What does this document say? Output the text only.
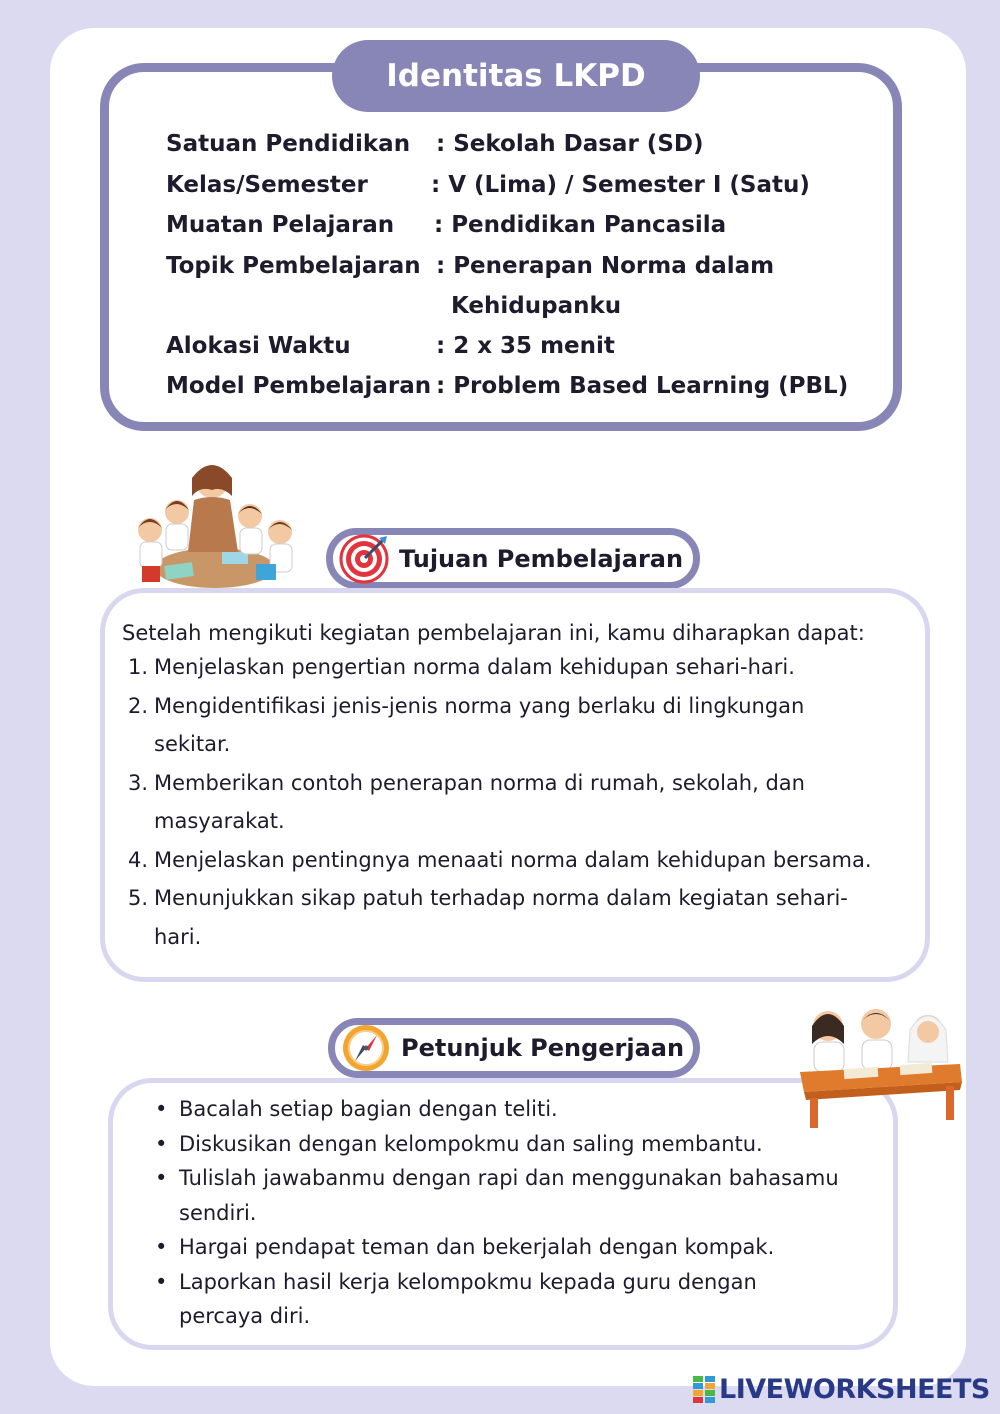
Identitas LKPD
Satuan Pendidikan : Sekolah Dasar (SD)
Kelas/Semester	: V (Lima) / Semester I (Satu)
Muatan Pelajaran : Pendidikan Pancasila
Topik Pembelajaran : Penerapan Norma dalam
Kehidupanku
Alokasi Waktu	: 2 x 35 menit
Model Pembelajaran : Problem Based Learning (PBL)
Tujuan Pembelajaran
Setelah mengikuti kegiatan pembelajaran ini, kamu diharapkan dapat:
1. Menjelaskan pengertian norma dalam kehidupan sehari-hari.
2. Mengidentifikasi jenis-jenis norma yang berlaku di lingkungan
sekitar.
3. Memberikan contoh penerapan norma di rumah, sekolah, dan
masyarakat.
4. Menjelaskan pentingnya menaati norma dalam kehidupan bersama.
5. Menunjukkan sikap patuh terhadap norma dalam kegiatan sehari-
hari.
Petunjuk Pengerjaan
• Bacalah setiap bagian dengan teliti.
• Diskusikan dengan kelompokmu dan saling membantu.
• Tulislah jawabanmu dengan rapi dan menggunakan bahasamu
sendiri.
• Hargai pendapat teman dan bekerjalah dengan kompak.
• Laporkan hasil kerja kelompokmu kepada guru dengan
percaya diri.
LIVEWORKSHEETS
